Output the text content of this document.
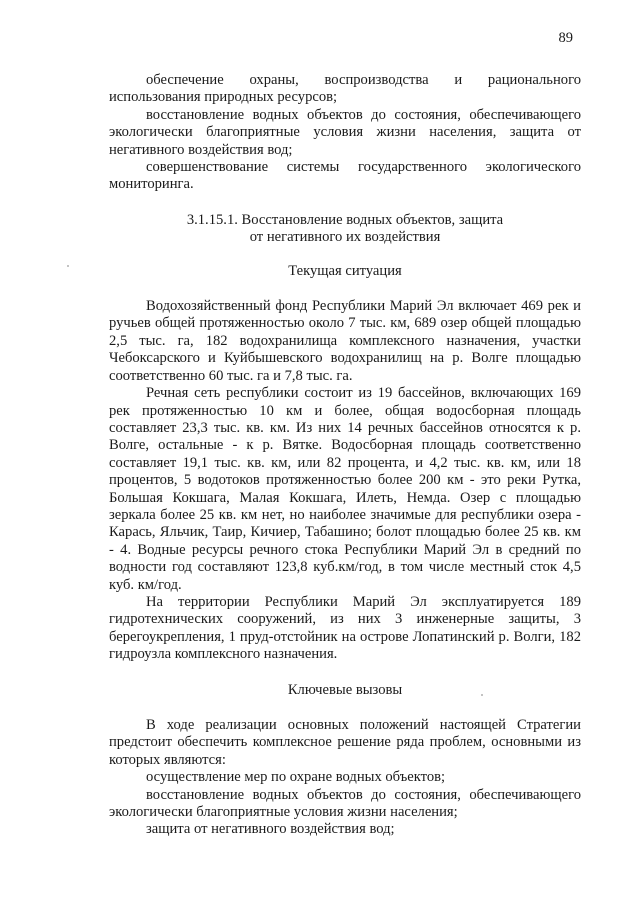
89

обеспечение охраны, воспроизводства и рационального использования природных ресурсов;

восстановление водных объектов до состояния, обеспечивающего экологически благоприятные условия жизни населения, защита от негативного воздействия вод;

совершенствование системы государственного экологического мониторинга.

3.1.15.1. Восстановление водных объектов, защита

от негативного их воздействия

Текущая ситуация

Водохозяйственный фонд Республики Марий Эл включает 469 рек и ручьев общей протяженностью около 7 тыс. км, 689 озер общей площадью 2,5 тыс. га, 182 водохранилища комплексного назначения, участки Чебоксарского и Куйбышевского водохранилищ на р. Волге площадью соответственно 60 тыс. га и 7,8 тыс. га.

Речная сеть республики состоит из 19 бассейнов, включающих 169 рек протяженностью 10 км и более, общая водосборная площадь составляет 23,3 тыс. кв. км. Из них 14 речных бассейнов относятся к р. Волге, остальные - к р. Вятке. Водосборная площадь соответственно составляет 19,1 тыс. кв. км, или 82 процента, и 4,2 тыс. кв. км, или 18 процентов, 5 водотоков протяженностью более 200 км - это реки Рутка, Большая Кокшага, Малая Кокшага, Илеть, Немда. Озер с площадью зеркала более 25 кв. км нет, но наиболее значимые для республики озера - Карась, Яльчик, Таир, Кичиер, Табашино; болот площадью более 25 кв. км - 4. Водные ресурсы речного стока Республики Марий Эл в средний по водности год составляют 123,8 куб.км/год, в том числе местный сток 4,5 куб. км/год.

На территории Республики Марий Эл эксплуатируется 189 гидротехнических сооружений, из них 3 инженерные защиты, 3 берегоукрепления, 1 пруд-отстойник на острове Лопатинский р. Волги, 182 гидроузла комплексного назначения.

Ключевые вызовы

В ходе реализации основных положений настоящей Стратегии предстоит обеспечить комплексное решение ряда проблем, основными из которых являются:

осуществление мер по охране водных объектов;

восстановление водных объектов до состояния, обеспечивающего экологически благоприятные условия жизни населения;

защита от негативного воздействия вод;
